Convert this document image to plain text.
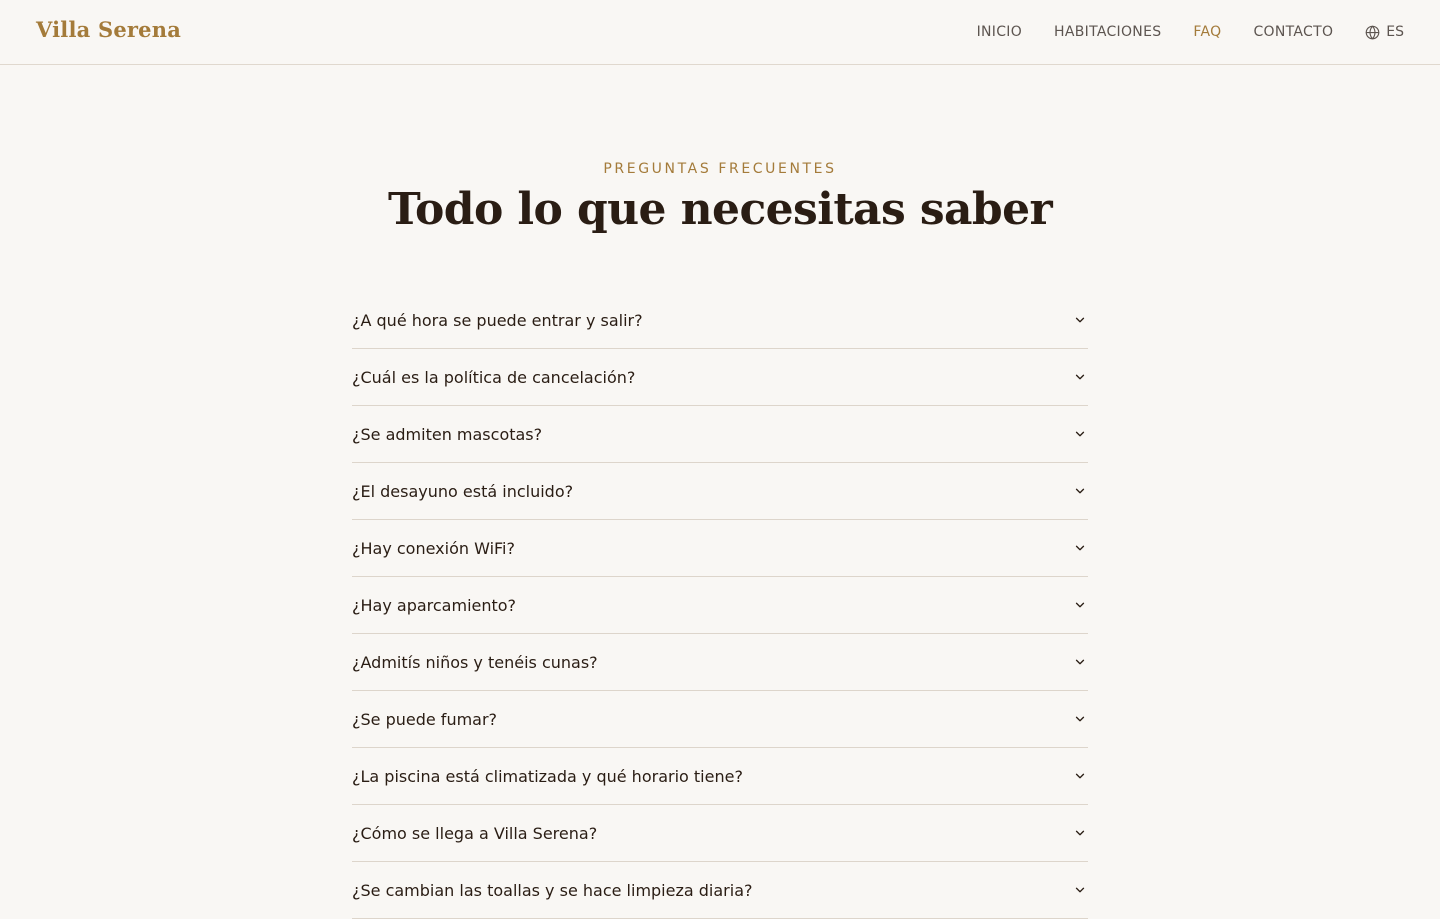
Villa Serena	INICIO HABITACIONES FAQ CONTACTO	ES
PREGUNTAS FRECUENTES
Todo lo que necesitas saber
¿A qué hora se puede entrar y salir?
¿Cuál es la política de cancelación?
¿Se admiten mascotas?
¿El desayuno está incluido?
¿Hay conexión WiFi?
¿Hay aparcamiento?
¿Admitís niños y tenéis cunas?
¿Se puede fumar?
¿La piscina está climatizada y qué horario tiene?
¿Cómo se llega a Villa Serena?
¿Se cambian las toallas y se hace limpieza diaria?
